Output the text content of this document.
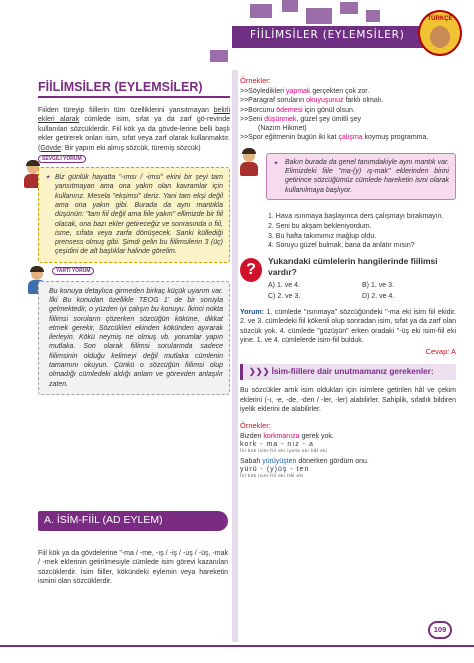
FİİLİMSİLER (EYLEMSİLER)
TÜRKÇE
FİİLİMSİLER (EYLEMSİLER)

Fiilden türeyip fiillerin tüm özelliklerini yansıtmayan belirli ekleri alarak cümlede isim, sıfat ya da zarf gö-revinde kullanılan sözcüklerdir. Fiil kök ya da gövde-lerine belli başlı ekler getirerek onları isim, sıfat veya zarf olarak kullanmaktır. (Gövde: Bir yapım eki almış sözcük, türemiş sözcük)

SEVGİLİ YORUM
✦ Biz günlük hayatta "-ımsı / -imsi" ekini bir şeyi tam yansıtmayan ama ona yakın olan kavramlar için kullanırız. Mesela "ekşimsi" deriz. Yani tam ekşi değil ama ona yakın gibi. Burada da aynı mantıkla düşünün: "tam fiil değil ama fiile yakın" ellimizde bir fiil olacak, ona bazı ekler getireceğiz ve sonrasında o fiil, isme, sıfata veya zarfa dönüşecek. Sanki küllediği prensess olmuş gibi. Şimdi gelin bu fiilimsilerin 3 (üç) çeşidini de alt başlıklar halinde görelim.
YARTI YORUM
Bu konuya detaylıca girmeden birkaç küçük uyarım var. İlki Bu konudan özellikle TEOG 1' de bir soruyla gelmektedir, o yüzden iyi çalışın bu konuyu. İkinci nokta fiilimsi soruların çözerken sözcüğün köküne, dikkat etmek gerekir, Sözcükleri ekinden kökünden ayırarak ilerleyin. Kökü neymiş ne olmuş vb. yorumlar yapın mutlaka. Son olarak fiilimsi sorularında sadece fiilimsinin olduğu kelimeyi değil mutlaka cümlenin tamamını okuyun. Çünkü o sözcüğün fiilimsi olup olmadığı cümledeki aldığı anlam ve görevden anlaşılır zaten.
A. İSİM-FİİL (AD EYLEM)

Fiil kök ya da gövdelerine "-ma / -me, -ış / -iş / -uş / -üş, -mak / -mek eklerinin getirilmesiyle cümlede isim görevi kazanılan sözcüklerdir. İsim fiiller, kökündeki eylemin veya hareketin ismini olan sözcüklerdir.

Örnekler:
>>Söyledikleri yapmak gerçekten çok zor.
>>Paragraf soruların okuyuşunuz farklı olmalı.
>>Borcunu ödemesi için gönül olsun.
>>Seni düşünmek, güzel şey ümitli şey
(Nazım Hikmet)
>>Spor eğitmenin bugün iki kat çalışma koymuş programma.
✦ Bakın burada da genel tanımdakiyle aynı mantık var. Elimizdeki fiile "ma-(y) ış-mak" eklerinden birini getirince sözcüğümüz cümlede hareketin ismi olarak kullanılmaya başlıyor.
1. Hava ısınmaya başlayınca ders çalışmayı bırakmayın.
2. Seni bu akşam bekleniyordum.
3. Bu hafta takımımız mağlup oldu.
4. Soruyu güzel bulmak, bana da anlatır mısın?
Yukarıdaki cümlelerin hangilerinde fiilimsi vardır?
A) 1. ve 4.	B) 1. ve 3.
C) 2. ve 3.	D) 2. ve 4.

Yorum: 1. cümlede "ısınmaya" sözcüğündeki "-ma eki isim fiil ekidir. 2. ve 3. cümledeki fiil kökenli olup sonradan isim, sıfat ya da zarf olan sözcük yok. 4. cümlede "gözüşün" erken oradaki "-üş eki isim-fiil eki yine. 1. ve 4. cümlelerde isim-fiil bulduk.

Cevap: A
❯❯❯ İsim-fiillere dair unutmamanız gerekenler:

Bu sözcükler artık isim oldukları için isimlere getirilen hâl ve çekim eklerini (-ı, -e, -de, -den / -ler, -ler) alabilirler. Sahiplik, sıfatlık bildiren iyelik eklerini de alabilirler.

Örnekler:
Bizden korkmanıza gerek yok.
kork - ma - nız - a
fiil kök isim-fiil eki iyelik eki hâl eki
Sabah yürüyüşten dönerken gördüm onu.
yürü - (y)üş - ten
fiil kök isim-fiil eki hâl eki
?
109
